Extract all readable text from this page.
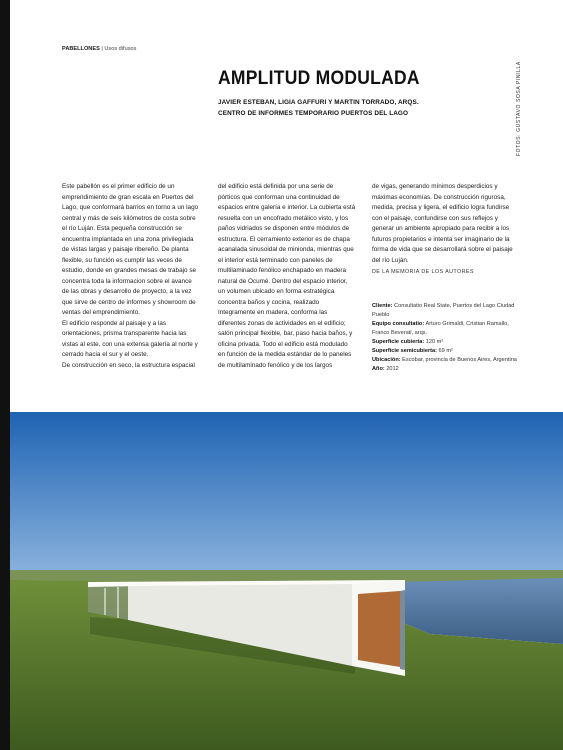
PABELLONES | Usos difusos
FOTOS: GUSTAVO SOSA PINILLA
AMPLITUD MODULADA
JAVIER ESTEBAN, LIGIA GAFFURI Y MARTIN TORRADO, ARQS.
CENTRO DE INFORMES TEMPORARIO PUERTOS DEL LAGO

Este pabellón es el primer edificio de un emprendimiento de gran escala en Puertos del Lago, que conformará barrios en torno a un lago central y más de seis kilómetros de costa sobre el río Luján. Esta pequeña construcción se encuentra implantada en una zona privilegiada de vistas largas y paisaje ribereño. De planta flexible, su función es cumplir las veces de estudio, donde en grandes mesas de trabajo se concentra toda la informacion sobre el avance de las obras y desarrollo de proyecto, a la vez que sirve de centro de informes y showroom de ventas del emprendimiento.

El edificio responde al paisaje y a las orientaciones, prisma transparente hacia las vistas al este, con una extensa galería al norte y cerrado hacia el sur y el oeste.

De construcción en seco, la estructura espacial

del edificio está definida por una serie de pórticos que conforman una continuidad de espacios entre galería e interior. La cubierta está resuelta con un encofrado metálico visto, y los paños vidriados se disponen entre módulos de estructura. El cerramiento exterior es de chapa acanalada sinusoidal de miniondа, mientras que el interior está terminado con paneles de multilaminado fenólico enchapado en madera natural de Ocumé. Dentro del espacio interior, un volumen ubicado en forma estratégica concentra baños y cocina, realizado íntegramente en madera, conforma las diferentes zonas de actividades en el edificio; salón principal flexible, bar, paso hacia baños, y oficina privada. Todo el edificio está modulado en función de la medida estándar de lo paneles de multilaminado fenólico y de los largos

de vigas, generando mínimos desperdicios y máximas economías. De construcción rigurosa, medida, precisa y ligera, el edificio logra fundirse con el paisaje, confundirse con sus reflejos y generar un ambiente apropiado para recibir a los futuros propietarios e intenta ser imaginario de la forma de vida que se desarrollará sobre el paisaje del río Luján.

DE LA MEMORIA DE LOS AUTORES

Cliente: Consultatio Real State, Puertos del Lago Ciudad Pueblo
Equipo consultatio: Arturo Grimaldi, Cristian Ramallo, Franco Beverati, arqs.
Superficie cubierta: 120 m²
Superficie semicubierta: 69 m²
Ubicación: Escobar, provincia de Buenos Aires, Argentina
Año: 2012
